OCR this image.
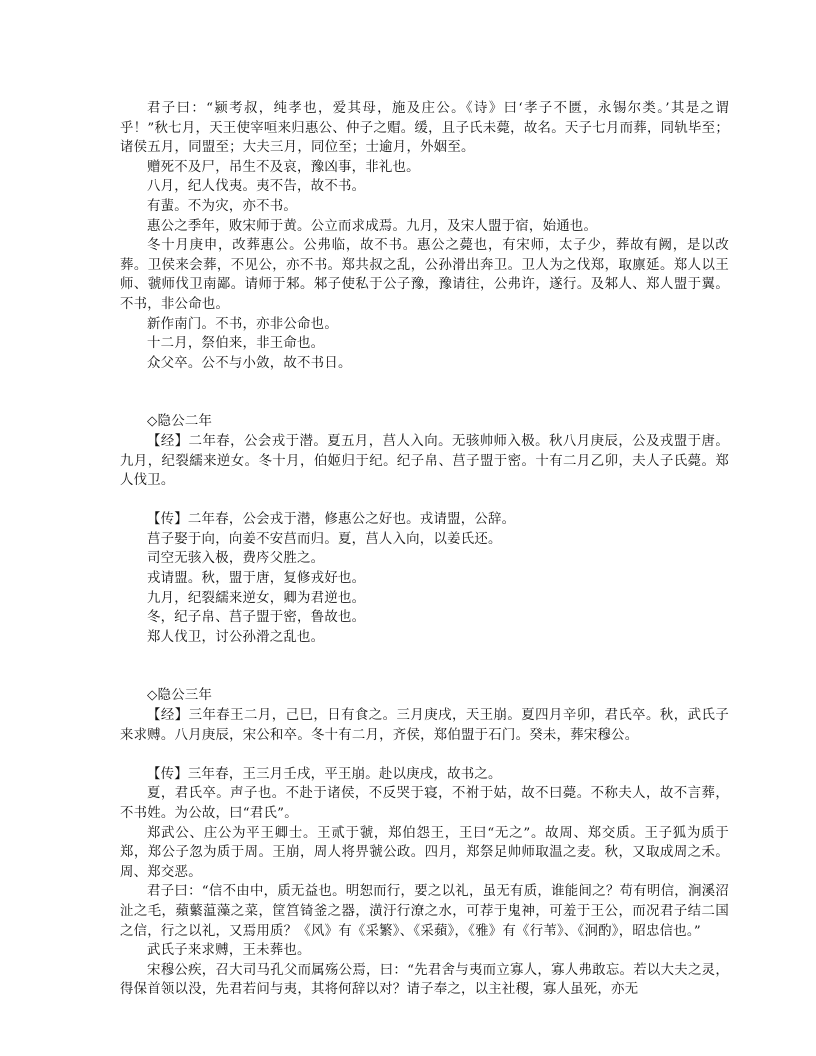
君子曰：“颍考叔，纯孝也，爱其母，施及庄公。《诗》曰‘孝子不匮，永锡尔类。’其是之谓乎！”秋七月，天王使宰咺来归惠公、仲子之赗。缓，且子氏未薨，故名。天子七月而葬，同轨毕至；诸侯五月，同盟至；大夫三月，同位至；士逾月，外姻至。

赠死不及尸，吊生不及哀，豫凶事，非礼也。

八月，纪人伐夷。夷不告，故不书。

有蜚。不为灾，亦不书。

惠公之季年，败宋师于黄。公立而求成焉。九月，及宋人盟于宿，始通也。

冬十月庚申，改葬惠公。公弗临，故不书。惠公之薨也，有宋师，太子少，葬故有阙，是以改葬。卫侯来会葬，不见公，亦不书。郑共叔之乱，公孙滑出奔卫。卫人为之伐郑，取廪延。郑人以王师、虢师伐卫南鄙。请师于邾。邾子使私于公子豫，豫请往，公弗许，遂行。及邾人、郑人盟于翼。不书，非公命也。

新作南门。不书，亦非公命也。

十二月，祭伯来，非王命也。

众父卒。公不与小敛，故不书日。

◇隐公二年

【经】二年春，公会戎于潜。夏五月，莒人入向。无骇帅师入极。秋八月庚辰，公及戎盟于唐。九月，纪裂繻来逆女。冬十月，伯姬归于纪。纪子帛、莒子盟于密。十有二月乙卯，夫人子氏薨。郑人伐卫。

【传】二年春，公会戎于潜，修惠公之好也。戎请盟，公辞。

莒子娶于向，向姜不安莒而归。夏，莒人入向，以姜氏还。

司空无骇入极，费庈父胜之。

戎请盟。秋，盟于唐，复修戎好也。

九月，纪裂繻来逆女，卿为君逆也。

冬，纪子帛、莒子盟于密，鲁故也。

郑人伐卫，讨公孙滑之乱也。

◇隐公三年

【经】三年春王二月，己巳，日有食之。三月庚戌，天王崩。夏四月辛卯，君氏卒。秋，武氏子来求赙。八月庚辰，宋公和卒。冬十有二月，齐侯，郑伯盟于石门。癸未，葬宋穆公。

【传】三年春，王三月壬戌，平王崩。赴以庚戌，故书之。

夏，君氏卒。声子也。不赴于诸侯，不反哭于寝，不祔于姑，故不曰薨。不称夫人，故不言葬，不书姓。为公故，曰“君氏”。

郑武公、庄公为平王卿士。王贰于虢，郑伯怨王，王曰“无之”。故周、郑交质。王子狐为质于郑，郑公子忽为质于周。王崩，周人将畀虢公政。四月，郑祭足帅师取温之麦。秋，又取成周之禾。周、郑交恶。

君子曰：“信不由中，质无益也。明恕而行，要之以礼，虽无有质，谁能间之？苟有明信，涧溪沼沚之毛，蘋蘩蕰藻之菜，筐筥锜釜之器，潢汙行潦之水，可荐于鬼神，可羞于王公，而况君子结二国之信，行之以礼，又焉用质？《风》有《采繁》、《采蘋》，《雅》有《行苇》、《泂酌》，昭忠信也。”

武氏子来求赙，王未葬也。

宋穆公疾，召大司马孔父而属殇公焉，曰：“先君舍与夷而立寡人，寡人弗敢忘。若以大夫之灵，得保首领以没，先君若问与夷，其将何辞以对？请子奉之，以主社稷，寡人虽死，亦无
